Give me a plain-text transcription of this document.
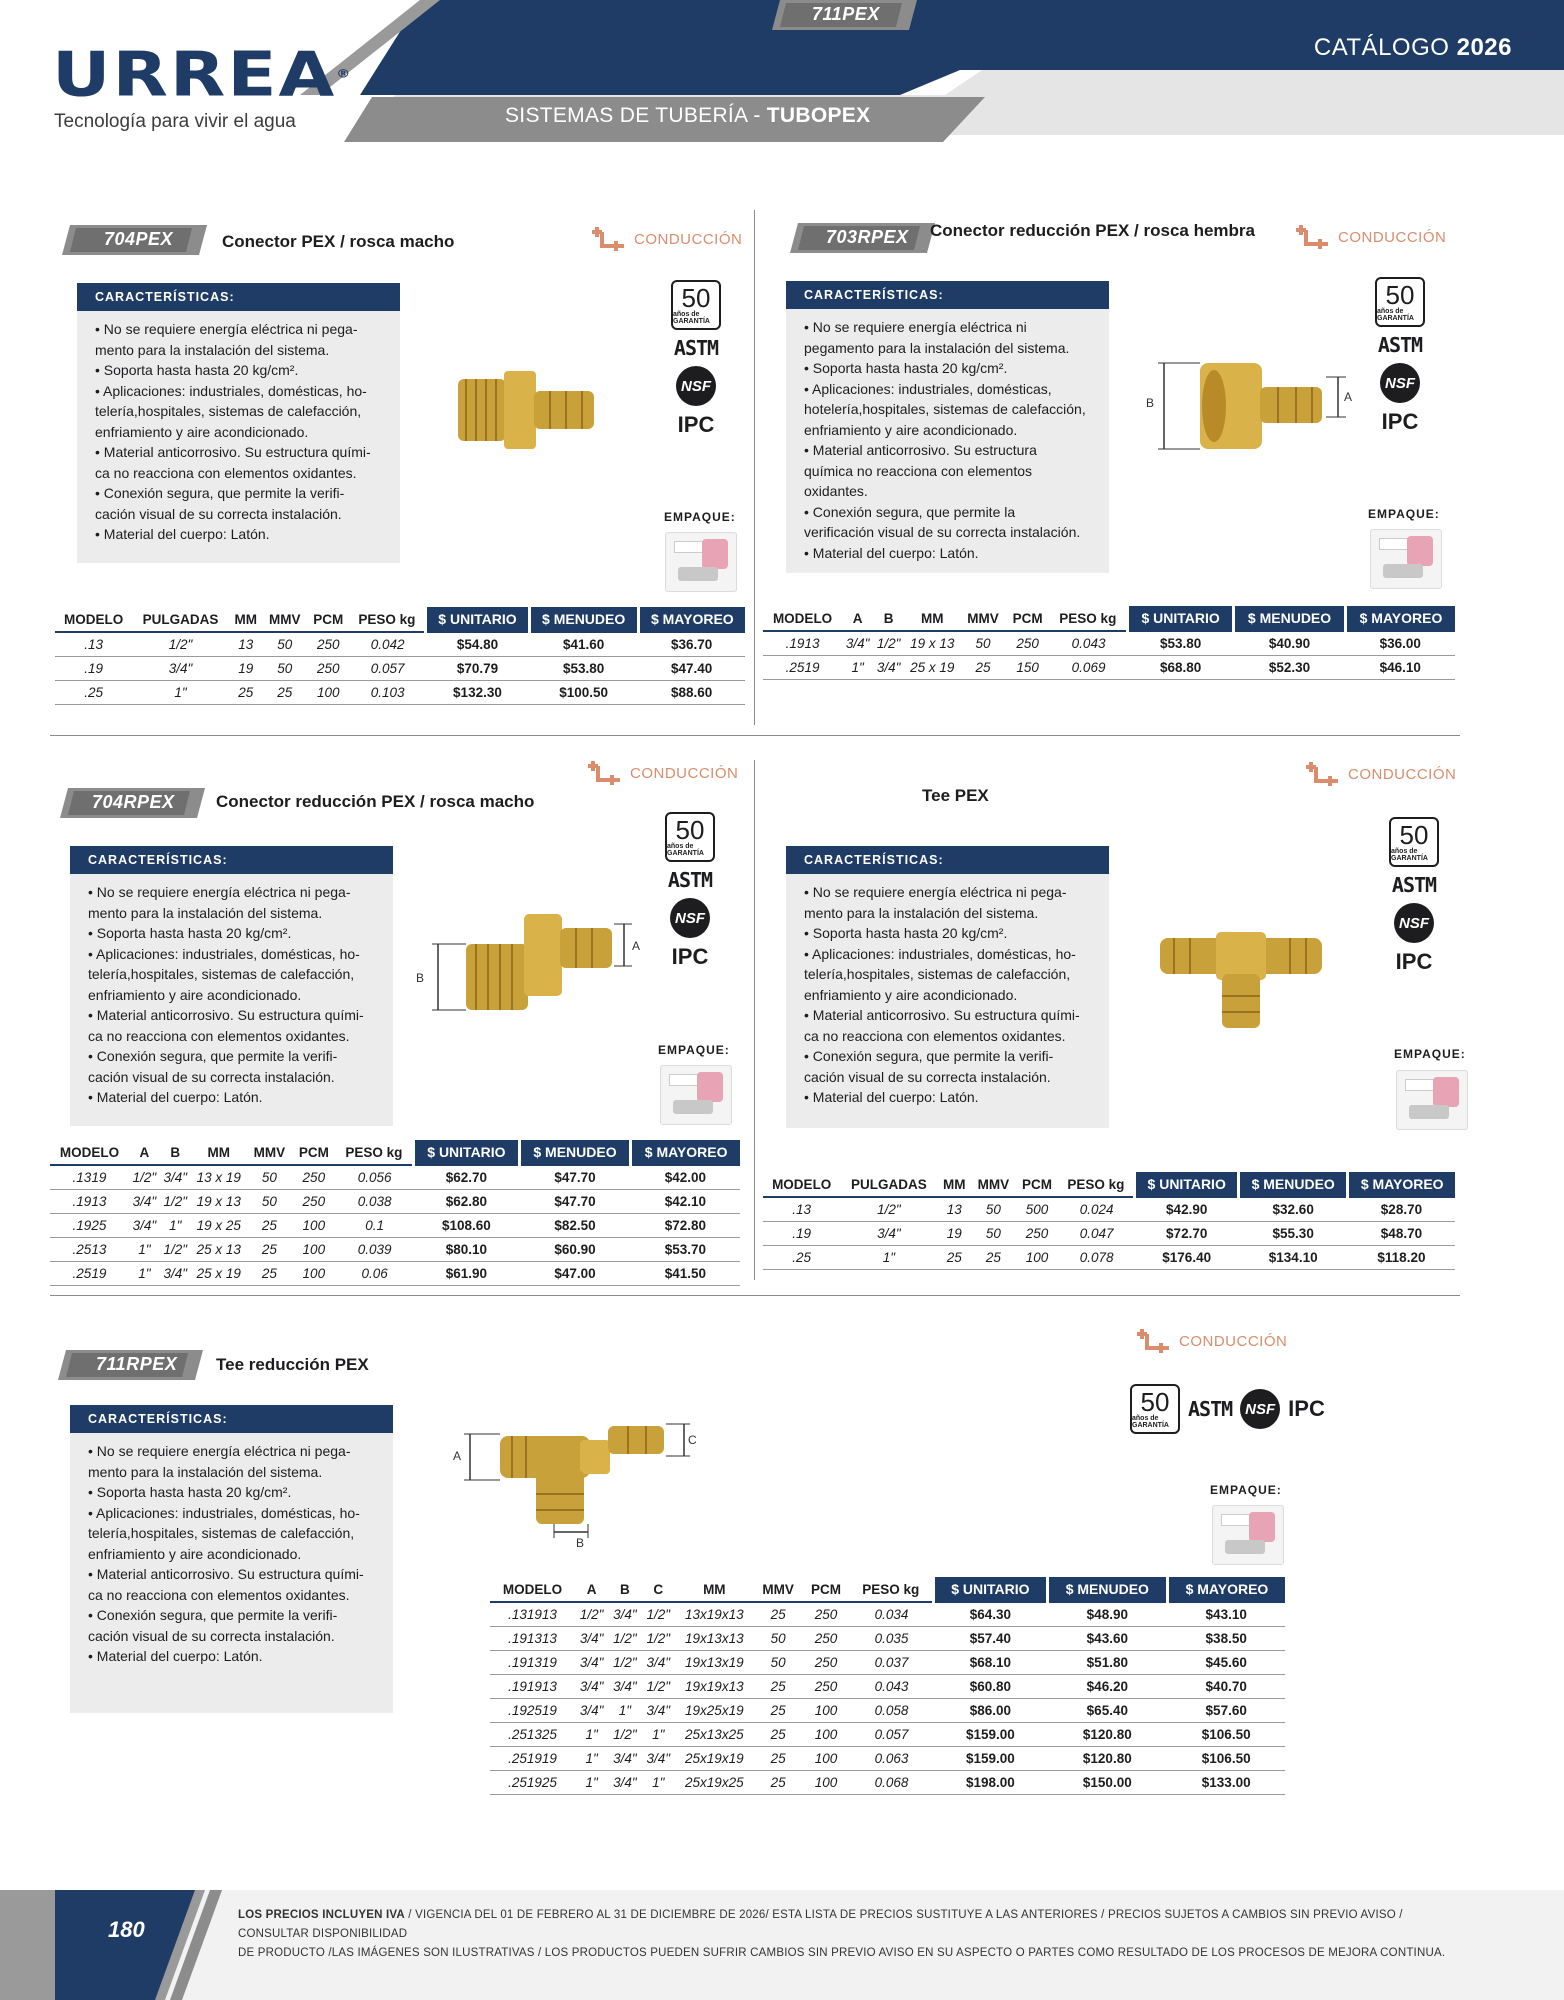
URREA®
Tecnología para vivir el agua
CATÁLOGO 2026
SISTEMAS DE TUBERÍA - TUBOPEX
704PEX	Conector PEX / rosca macho	CONDUCCIÓN
CARACTERÍSTICAS:
• No se requiere energía eléctrica ni pega-
mento para la instalación del sistema.
• Soporta hasta hasta 20 kg/cm².
• Aplicaciones: industriales, domésticas, ho-
telería,hospitales, sistemas de calefacción,
enfriamiento y aire acondicionado.
• Material anticorrosivo. Su estructura quími-
ca no reacciona con elementos oxidantes.
• Conexión segura, que permite la verifi-
cación visual de su correcta instalación.
• Material del cuerpo: Latón.
50
años de GARANTÍA
ASTM
NSF
IPC
EMPAQUE:
MODELO	PULGADAS	MM	MMV	PCM	PESO kg	$ UNITARIO	$ MENUDEO	$ MAYOREO
.13	1/2"	13	50	250	0.042	$54.80	$41.60	$36.70
.19	3/4"	19	50	250	0.057	$70.79	$53.80	$47.40
.25	1"	25	25	100	0.103	$132.30	$100.50	$88.60
703RPEX Conector reducción PEX / rosca hembra	CONDUCCIÓN
CARACTERÍSTICAS:
• No se requiere energía eléctrica ni
pegamento para la instalación del sistema.
• Soporta hasta hasta 20 kg/cm².
• Aplicaciones: industriales, domésticas,
hotelería,hospitales, sistemas de calefacción,
enfriamiento y aire acondicionado.
• Material anticorrosivo. Su estructura
química no reacciona con elementos
oxidantes.
• Conexión segura, que permite la
verificación visual de su correcta instalación.
• Material del cuerpo: Latón.
B	A
50
años de GARANTÍA
ASTM
NSF
IPC
EMPAQUE:
MODELO	A	B	MM	MMV	PCM	PESO kg	$ UNITARIO	$ MENUDEO	$ MAYOREO
.1913	3/4"	1/2"	19 x 13	50	250	0.043	$53.80	$40.90	$36.00
.2519	1"	3/4"	25 x 19	25	150	0.069	$68.80	$52.30	$46.10
704RPEX Conector reducción PEX / rosca macho
CONDUCCIÓN
CARACTERÍSTICAS:
• No se requiere energía eléctrica ni pega-
mento para la instalación del sistema.
• Soporta hasta hasta 20 kg/cm².
• Aplicaciones: industriales, domésticas, ho-
telería,hospitales, sistemas de calefacción,
enfriamiento y aire acondicionado.
• Material anticorrosivo. Su estructura quími-
ca no reacciona con elementos oxidantes.
• Conexión segura, que permite la verifi-
cación visual de su correcta instalación.
• Material del cuerpo: Latón.
B
A
50
años de GARANTÍA
ASTM
NSF
IPC
EMPAQUE:
MODELO	A	B	MM	MMV	PCM	PESO kg	$ UNITARIO	$ MENUDEO	$ MAYOREO
.1319	1/2"	3/4"	13 x 19	50	250	0.056	$62.70	$47.70	$42.00
.1913	3/4"	1/2"	19 x 13	50	250	0.038	$62.80	$47.70	$42.10
.1925	3/4"	1"	19 x 25	25	100	0.1	$108.60	$82.50	$72.80
.2513	1"	1/2"	25 x 13	25	100	0.039	$80.10	$60.90	$53.70
.2519	1"	3/4"	25 x 19	25	100	0.06	$61.90	$47.00	$41.50
711PEX
Tee PEX
CONDUCCIÓN
CARACTERÍSTICAS:
• No se requiere energía eléctrica ni pega-
mento para la instalación del sistema.
• Soporta hasta hasta 20 kg/cm².
• Aplicaciones: industriales, domésticas, ho-
telería,hospitales, sistemas de calefacción,
enfriamiento y aire acondicionado.
• Material anticorrosivo. Su estructura quími-
ca no reacciona con elementos oxidantes.
• Conexión segura, que permite la verifi-
cación visual de su correcta instalación.
• Material del cuerpo: Latón.
50
años de GARANTÍA
ASTM
NSF
IPC
EMPAQUE:
MODELO	PULGADAS	MM	MMV	PCM	PESO kg	$ UNITARIO	$ MENUDEO	$ MAYOREO
.13	1/2"	13	50	500	0.024	$42.90	$32.60	$28.70
.19	3/4"	19	50	250	0.047	$72.70	$55.30	$48.70
.25	1"	25	25	100	0.078	$176.40	$134.10	$118.20
711RPEX Tee reducción PEX
CONDUCCIÓN
CARACTERÍSTICAS:
• No se requiere energía eléctrica ni pega-
mento para la instalación del sistema.
• Soporta hasta hasta 20 kg/cm².
• Aplicaciones: industriales, domésticas, ho-
telería,hospitales, sistemas de calefacción,
enfriamiento y aire acondicionado.
• Material anticorrosivo. Su estructura quími-
ca no reacciona con elementos oxidantes.
• Conexión segura, que permite la verifi-
cación visual de su correcta instalación.
• Material del cuerpo: Latón.
A
C
B
50
años de GARANTÍA
ASTM NSF IPC
EMPAQUE:
MODELO	A	B	C	MM	MMV	PCM	PESO kg	$ UNITARIO	$ MENUDEO	$ MAYOREO
.131913	1/2"	3/4"	1/2"	13x19x13	25	250	0.034	$64.30	$48.90	$43.10
.191313	3/4"	1/2"	1/2"	19x13x13	50	250	0.035	$57.40	$43.60	$38.50
.191319	3/4"	1/2"	3/4"	19x13x19	50	250	0.037	$68.10	$51.80	$45.60
.191913	3/4"	3/4"	1/2"	19x19x13	25	250	0.043	$60.80	$46.20	$40.70
.192519	3/4"	1"	3/4"	19x25x19	25	100	0.058	$86.00	$65.40	$57.60
.251325	1"	1/2"	1"	25x13x25	25	100	0.057	$159.00	$120.80	$106.50
.251919	1"	3/4"	3/4"	25x19x19	25	100	0.063	$159.00	$120.80	$106.50
.251925	1"	3/4"	1"	25x19x25	25	100	0.068	$198.00	$150.00	$133.00
180
LOS PRECIOS INCLUYEN IVA / VIGENCIA DEL 01 DE FEBRERO AL 31 DE DICIEMBRE DE 2026/ ESTA LISTA DE PRECIOS SUSTITUYE A LAS ANTERIORES / PRECIOS SUJETOS A CAMBIOS SIN PREVIO AVISO / CONSULTAR DISPONIBILIDAD
DE PRODUCTO /LAS IMÁGENES SON ILUSTRATIVAS / LOS PRODUCTOS PUEDEN SUFRIR CAMBIOS SIN PREVIO AVISO EN SU ASPECTO O PARTES COMO RESULTADO DE LOS PROCESOS DE MEJORA CONTINUA.
